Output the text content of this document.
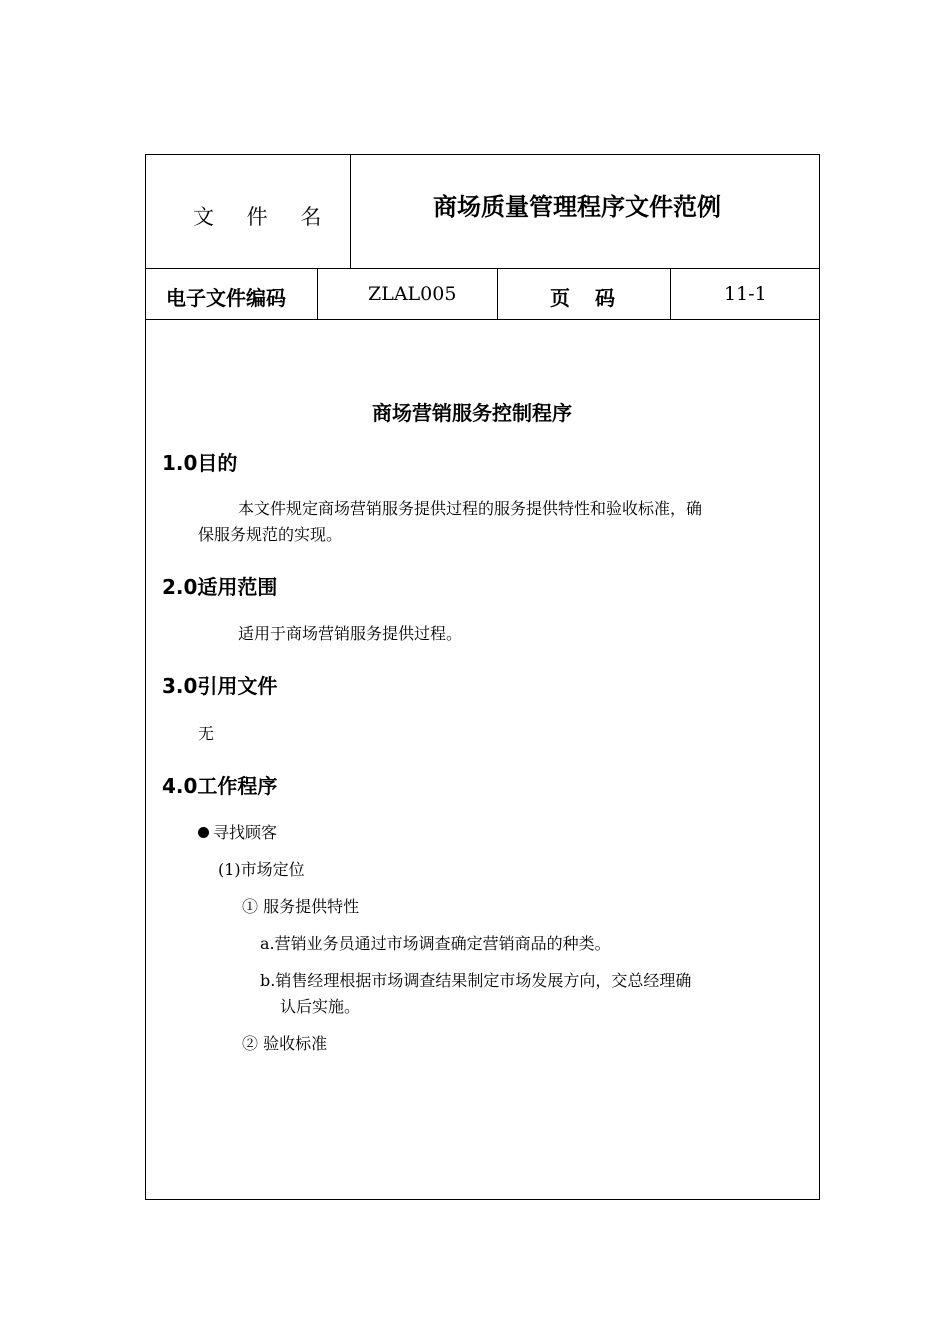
文 件 名	商场质量管理程序文件范例
电子文件编码	ZLAL005	页 码	11-1
商场营销服务控制程序
1.0目的
本文件规定商场营销服务提供过程的服务提供特性和验收标准，确
保服务规范的实现。
2.0适用范围
适用于商场营销服务提供过程。
3.0引用文件
无
4.0工作程序
寻找顾客
(1)市场定位
① 服务提供特性
a.营销业务员通过市场调查确定营销商品的种类。
b.销售经理根据市场调查结果制定市场发展方向，交总经理确
认后实施。
② 验收标准
